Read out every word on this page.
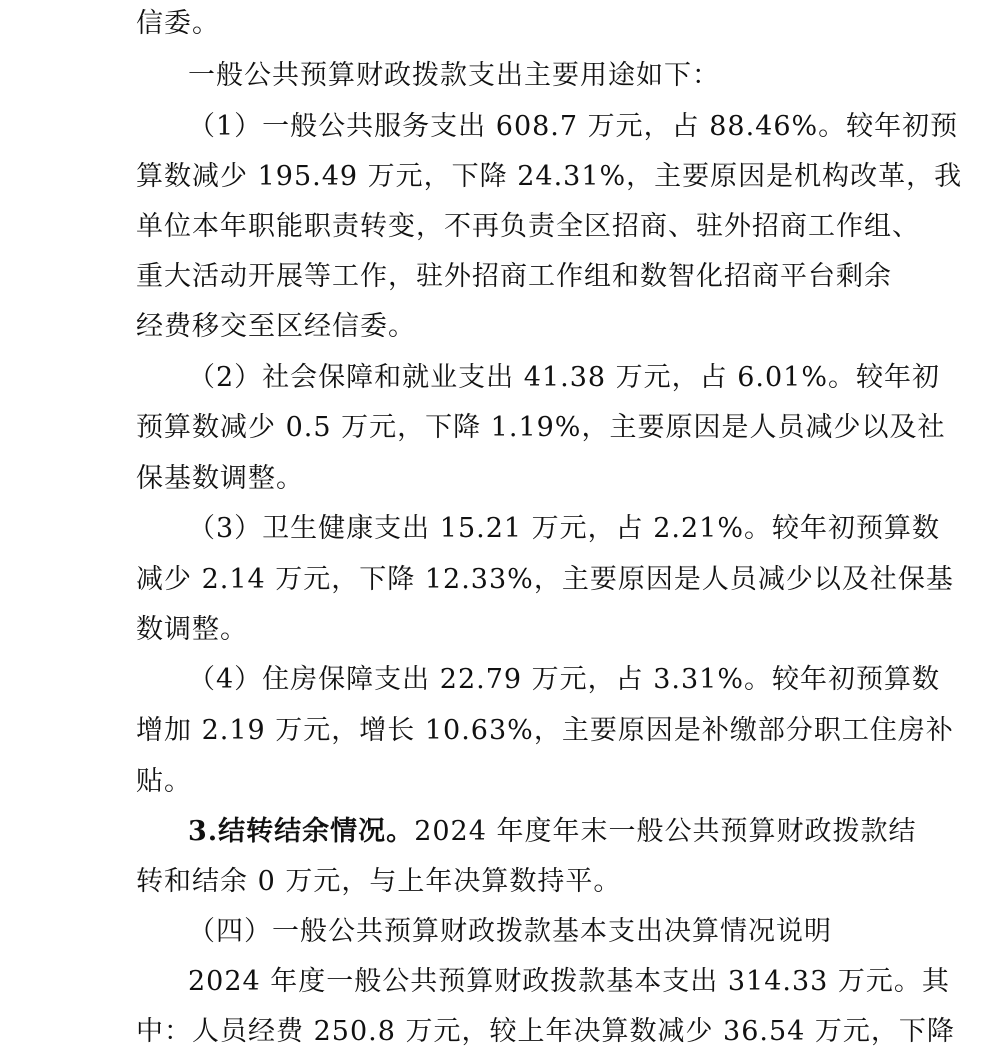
信委。
一般公共预算财政拨款支出主要用途如下：
（1）一般公共服务支出 608.7 万元，占 88.46%。较年初预
算数减少 195.49 万元，下降 24.31%，主要原因是机构改革，我
单位本年职能职责转变，不再负责全区招商、驻外招商工作组、
重大活动开展等工作，驻外招商工作组和数智化招商平台剩余
经费移交至区经信委。
（2）社会保障和就业支出 41.38 万元，占 6.01%。较年初
预算数减少 0.5 万元，下降 1.19%，主要原因是人员减少以及社
保基数调整。
（3）卫生健康支出 15.21 万元，占 2.21%。较年初预算数
减少 2.14 万元，下降 12.33%，主要原因是人员减少以及社保基
数调整。
（4）住房保障支出 22.79 万元，占 3.31%。较年初预算数
增加 2.19 万元，增长 10.63%，主要原因是补缴部分职工住房补
贴。
3.结转结余情况。2024 年度年末一般公共预算财政拨款结
转和结余 0 万元，与上年决算数持平。
（四）一般公共预算财政拨款基本支出决算情况说明
2024 年度一般公共预算财政拨款基本支出 314.33 万元。其
中：人员经费 250.8 万元，较上年决算数减少 36.54 万元，下降
